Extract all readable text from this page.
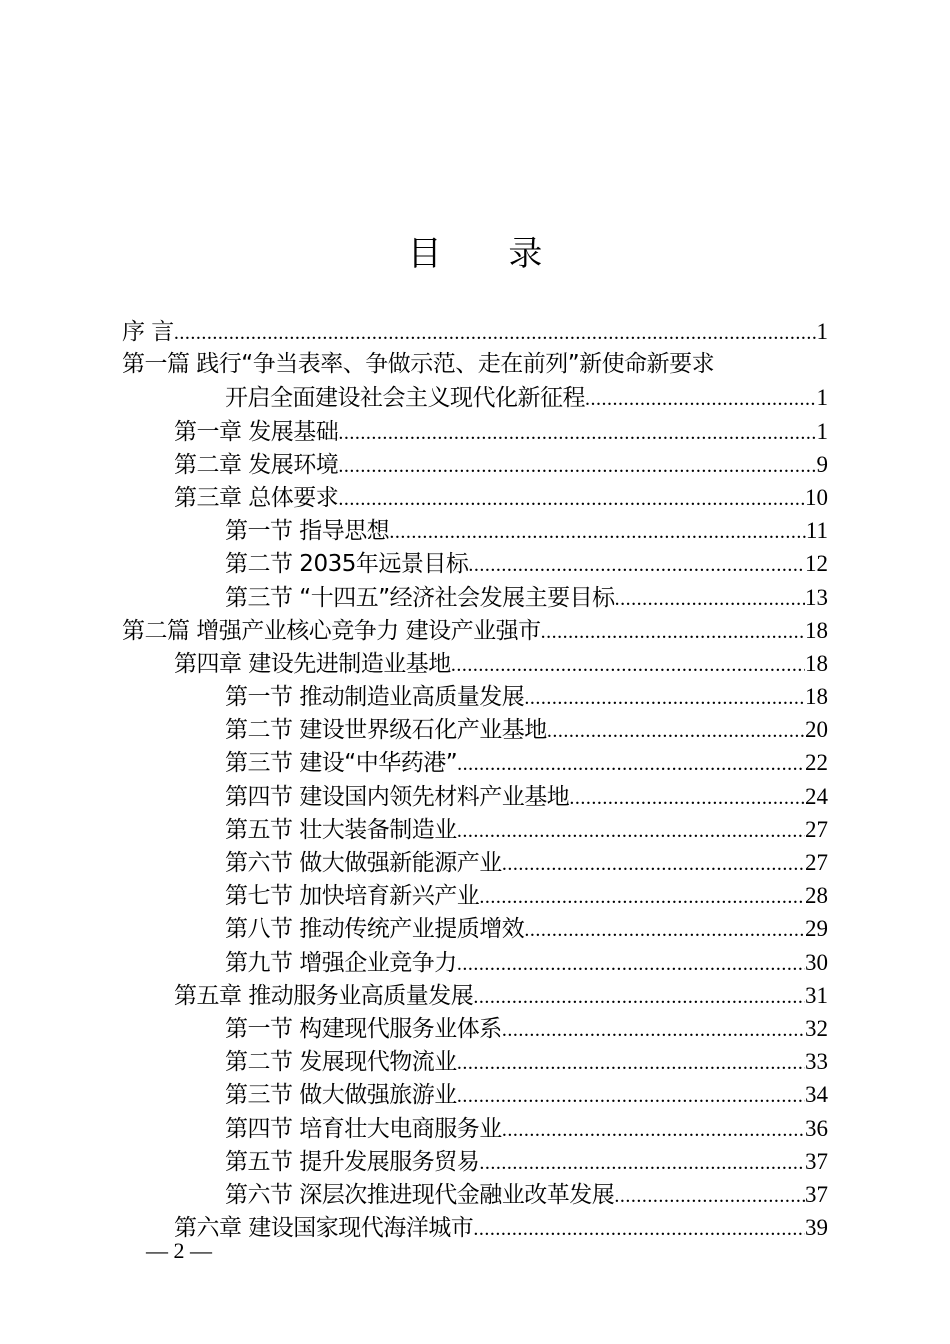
目 录
序 言 .....	1
第一篇 践行“争当表率、争做示范、走在前列”新使命新要求
开启全面建设社会主义现代化新征程 .....	1
第一章 发展基础 .....	1
第二章 发展环境 .....	9
第三章 总体要求 .....	10
第一节 指导思想 .....	11
第二节 2035年远景目标 .....	12
第三节 “十四五”经济社会发展主要目标 .....	13
第二篇 增强产业核心竞争力 建设产业强市 .....	18
第四章 建设先进制造业基地 .....	18
第一节 推动制造业高质量发展 .....	18
第二节 建设世界级石化产业基地 .....	20
第三节 建设“中华药港” .....	22
第四节 建设国内领先材料产业基地 .....	24
第五节 壮大装备制造业 .....	27
第六节 做大做强新能源产业 .....	27
第七节 加快培育新兴产业 .....	28
第八节 推动传统产业提质增效 .....	29
第九节 增强企业竞争力 .....	30
第五章 推动服务业高质量发展 .....	31
第一节 构建现代服务业体系 .....	32
第二节 发展现代物流业 .....	33
第三节 做大做强旅游业 .....	34
第四节 培育壮大电商服务业 .....	36
第五节 提升发展服务贸易 .....	37
第六节 深层次推进现代金融业改革发展 .....	37
第六章 建设国家现代海洋城市 .....	39
— 2 —
